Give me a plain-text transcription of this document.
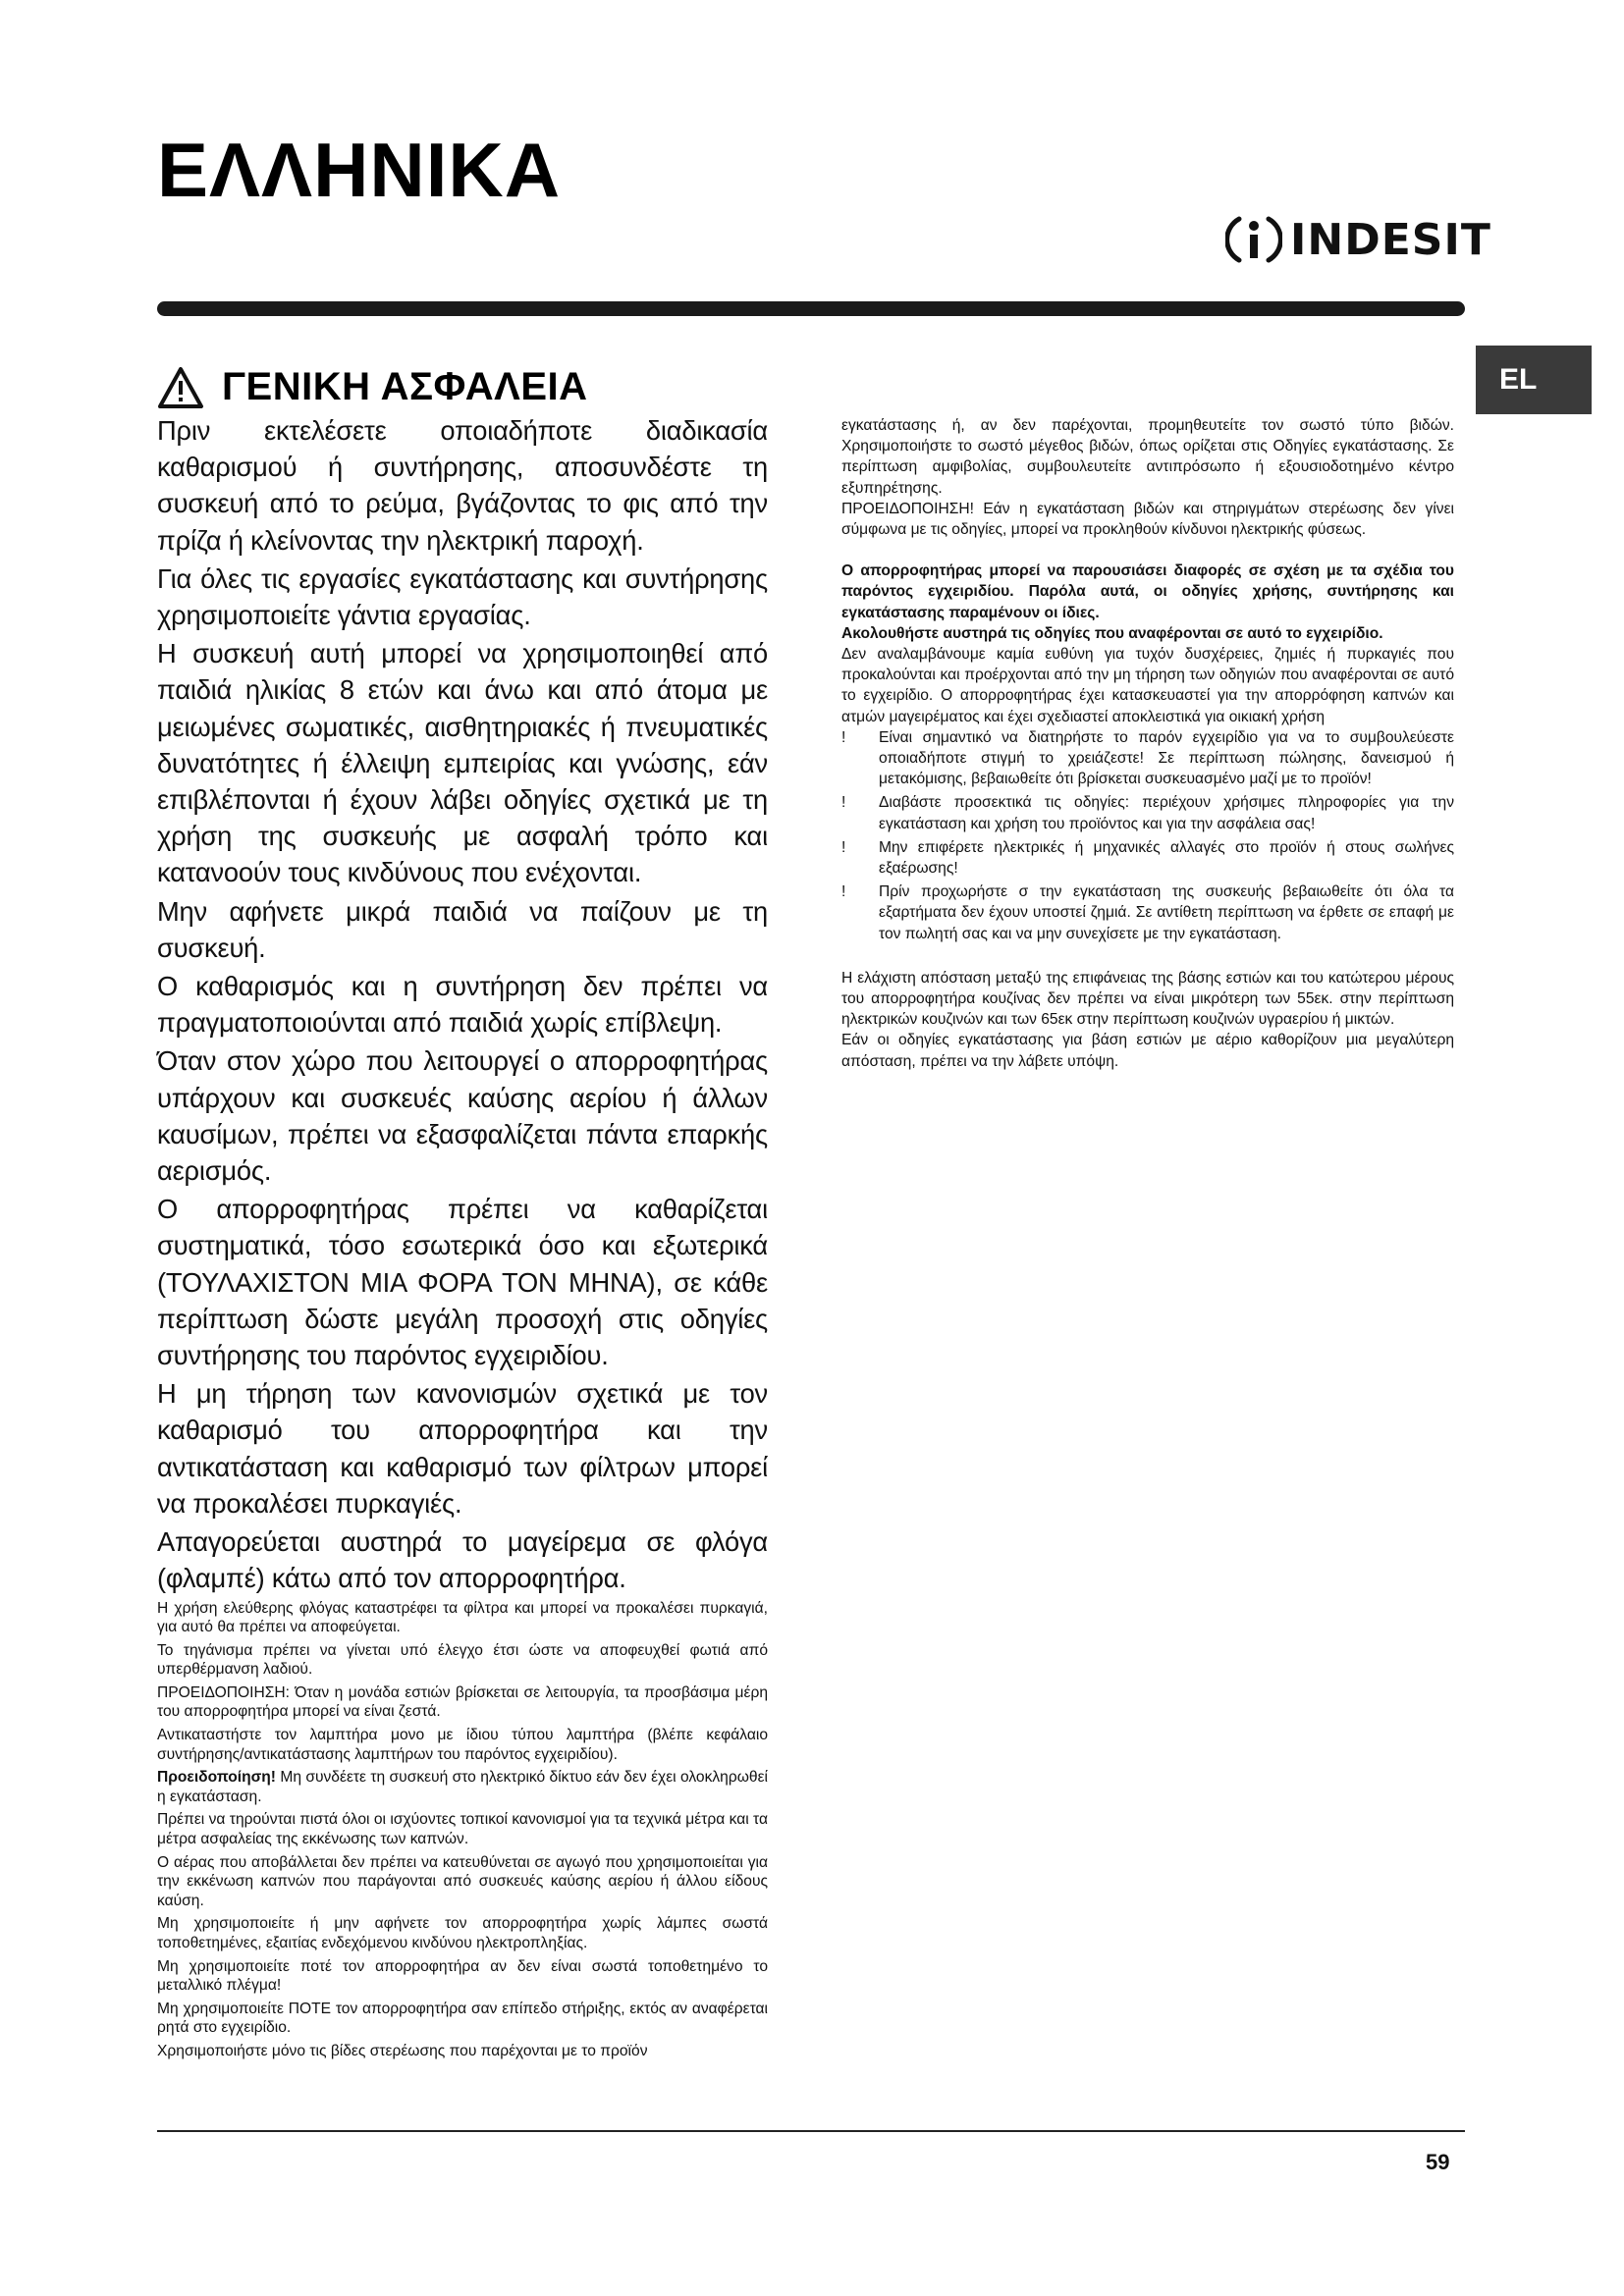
ΕΛΛΗΝΙΚΑ
INDESIT
EL
ΓΕΝΙΚΗ ΑΣΦΑΛΕΙΑ

Πριν εκτελέσετε οποιαδήποτε διαδικασία καθαρισμού ή συντήρησης, αποσυνδέστε τη συσκευή από το ρεύμα, βγάζοντας το φις από την πρίζα ή κλείνοντας την ηλεκτρική παροχή.

Για όλες τις εργασίες εγκατάστασης και συντήρησης χρησιμοποιείτε γάντια εργασίας.

Η συσκευή αυτή μπορεί να χρησιμοποιηθεί από παιδιά ηλικίας 8 ετών και άνω και από άτομα με μειωμένες σωματικές, αισθητηριακές ή πνευματικές δυνατότητες ή έλλειψη εμπειρίας και γνώσης, εάν επιβλέπονται ή έχουν λάβει οδηγίες σχετικά με τη χρήση της συσκευής με ασφαλή τρόπο και κατανοούν τους κινδύνους που ενέχονται.

Μην αφήνετε μικρά παιδιά να παίζουν με τη συσκευή.

Ο καθαρισμός και η συντήρηση δεν πρέπει να πραγματοποιούνται από παιδιά χωρίς επίβλεψη.

Όταν στον χώρο που λειτουργεί ο απορροφητήρας υπάρχουν και συσκευές καύσης αερίου ή άλλων καυσίμων, πρέπει να εξασφαλίζεται πάντα επαρκής αερισμός.

Ο απορροφητήρας πρέπει να καθαρίζεται συστηματικά, τόσο εσωτερικά όσο και εξωτερικά (ΤΟΥΛΑΧΙΣΤΟΝ ΜΙΑ ΦΟΡΑ ΤΟΝ ΜΗΝΑ), σε κάθε περίπτωση δώστε μεγάλη προσοχή στις οδηγίες συντήρησης του παρόντος εγχειριδίου.

Η μη τήρηση των κανονισμών σχετικά με τον καθαρισμό του απορροφητήρα και την αντικατάσταση και καθαρισμό των φίλτρων μπορεί να προκαλέσει πυρκαγιές.

Απαγορεύεται αυστηρά το μαγείρεμα σε φλόγα (φλαμπέ) κάτω από τον απορροφητήρα.

Η χρήση ελεύθερης φλόγας καταστρέφει τα φίλτρα και μπορεί να προκαλέσει πυρκαγιά, για αυτό θα πρέπει να αποφεύγεται.

Το τηγάνισμα πρέπει να γίνεται υπό έλεγχο έτσι ώστε να αποφευχθεί φωτιά από υπερθέρμανση λαδιού.

ΠΡΟΕΙΔΟΠΟΙΗΣΗ: Όταν η μονάδα εστιών βρίσκεται σε λειτουργία, τα προσβάσιμα μέρη του απορροφητήρα μπορεί να είναι ζεστά.

Αντικαταστήστε τον λαμπτήρα μονο με ίδιου τύπου λαμπτήρα (βλέπε κεφάλαιο συντήρησης/αντικατάστασης λαμπτήρων του παρόντος εγχειριδίου).

Προειδοποίηση! Μη συνδέετε τη συσκευή στο ηλεκτρικό δίκτυο εάν δεν έχει ολοκληρωθεί η εγκατάσταση.

Πρέπει να τηρούνται πιστά όλοι οι ισχύοντες τοπικοί κανονισμοί για τα τεχνικά μέτρα και τα μέτρα ασφαλείας της εκκένωσης των καπνών.

Ο αέρας που αποβάλλεται δεν πρέπει να κατευθύνεται σε αγωγό που χρησιμοποιείται για την εκκένωση καπνών που παράγονται από συσκευές καύσης αερίου ή άλλου είδους καύση.

Μη χρησιμοποιείτε ή μην αφήνετε τον απορροφητήρα χωρίς λάμπες σωστά τοποθετημένες, εξαιτίας ενδεχόμενου κινδύνου ηλεκτροπληξίας.

Μη χρησιμοποιείτε ποτέ τον απορροφητήρα αν δεν είναι σωστά τοποθετημένο το μεταλλικό πλέγμα!

Μη χρησιμοποιείτε ΠΟΤΕ τον απορροφητήρα σαν επίπεδο στήριξης, εκτός αν αναφέρεται ρητά στο εγχειρίδιο.

Χρησιμοποιήστε μόνο τις βίδες στερέωσης που παρέχονται με το προϊόν

εγκατάστασης ή, αν δεν παρέχονται, προμηθευτείτε τον σωστό τύπο βιδών. Χρησιμοποιήστε το σωστό μέγεθος βιδών, όπως ορίζεται στις Οδηγίες εγκατάστασης. Σε περίπτωση αμφιβολίας, συμβουλευτείτε αντιπρόσωπο ή εξουσιοδοτημένο κέντρο εξυπηρέτησης.

ΠΡΟΕΙΔΟΠΟΙΗΣΗ! Εάν η εγκατάσταση βιδών και στηριγμάτων στερέωσης δεν γίνει σύμφωνα με τις οδηγίες, μπορεί να προκληθούν κίνδυνοι ηλεκτρικής φύσεως.

Ο απορροφητήρας μπορεί να παρουσιάσει διαφορές σε σχέση με τα σχέδια του παρόντος εγχειριδίου. Παρόλα αυτά, οι οδηγίες χρήσης, συντήρησης και εγκατάστασης παραμένουν οι ίδιες.

Ακολουθήστε αυστηρά τις οδηγίες που αναφέρονται σε αυτό το εγχειρίδιο.

Δεν αναλαμβάνουμε καμία ευθύνη για τυχόν δυσχέρειες, ζημιές ή πυρκαγιές που προκαλούνται και προέρχονται από την μη τήρηση των οδηγιών που αναφέρονται σε αυτό το εγχειρίδιο. Ο απορροφητήρας έχει κατασκευαστεί για την απορρόφηση καπνών και ατμών μαγειρέματος και έχει σχεδιαστεί αποκλειστικά για οικιακή χρήση

!	Είναι σημαντικό να διατηρήστε το παρόν εγχειρίδιο για να το συμβουλεύεστε οποιαδήποτε στιγμή το χρειάζεστε! Σε περίπτωση πώλησης, δανεισμού ή μετακόμισης, βεβαιωθείτε ότι βρίσκεται συσκευασμένο μαζί με το προϊόν!
!	Διαβάστε προσεκτικά τις οδηγίες: περιέχουν χρήσιμες πληροφορίες για την εγκατάσταση και χρήση του προϊόντος και για την ασφάλεια σας!
!	Μην επιφέρετε ηλεκτρικές ή μηχανικές αλλαγές στο προϊόν ή στους σωλήνες εξαέρωσης!
!	Πρίν προχωρήστε σ την εγκατάσταση της συσκευής βεβαιωθείτε ότι όλα τα εξαρτήματα δεν έχουν υποστεί ζημιά. Σε αντίθετη περίπτωση να έρθετε σε επαφή με τον πωλητή σας και να μην συνεχίσετε με την εγκατάσταση.

Η ελάχιστη απόσταση μεταξύ της επιφάνειας της βάσης εστιών και του κατώτερου μέρους του απορροφητήρα κουζίνας δεν πρέπει να είναι μικρότερη των 55εκ. στην περίπτωση ηλεκτρικών κουζινών και των 65εκ στην περίπτωση κουζινών υγραερίου ή μικτών.

Εάν οι οδηγίες εγκατάστασης για βάση εστιών με αέριο καθορίζουν μια μεγαλύτερη απόσταση, πρέπει να την λάβετε υπόψη.

59
